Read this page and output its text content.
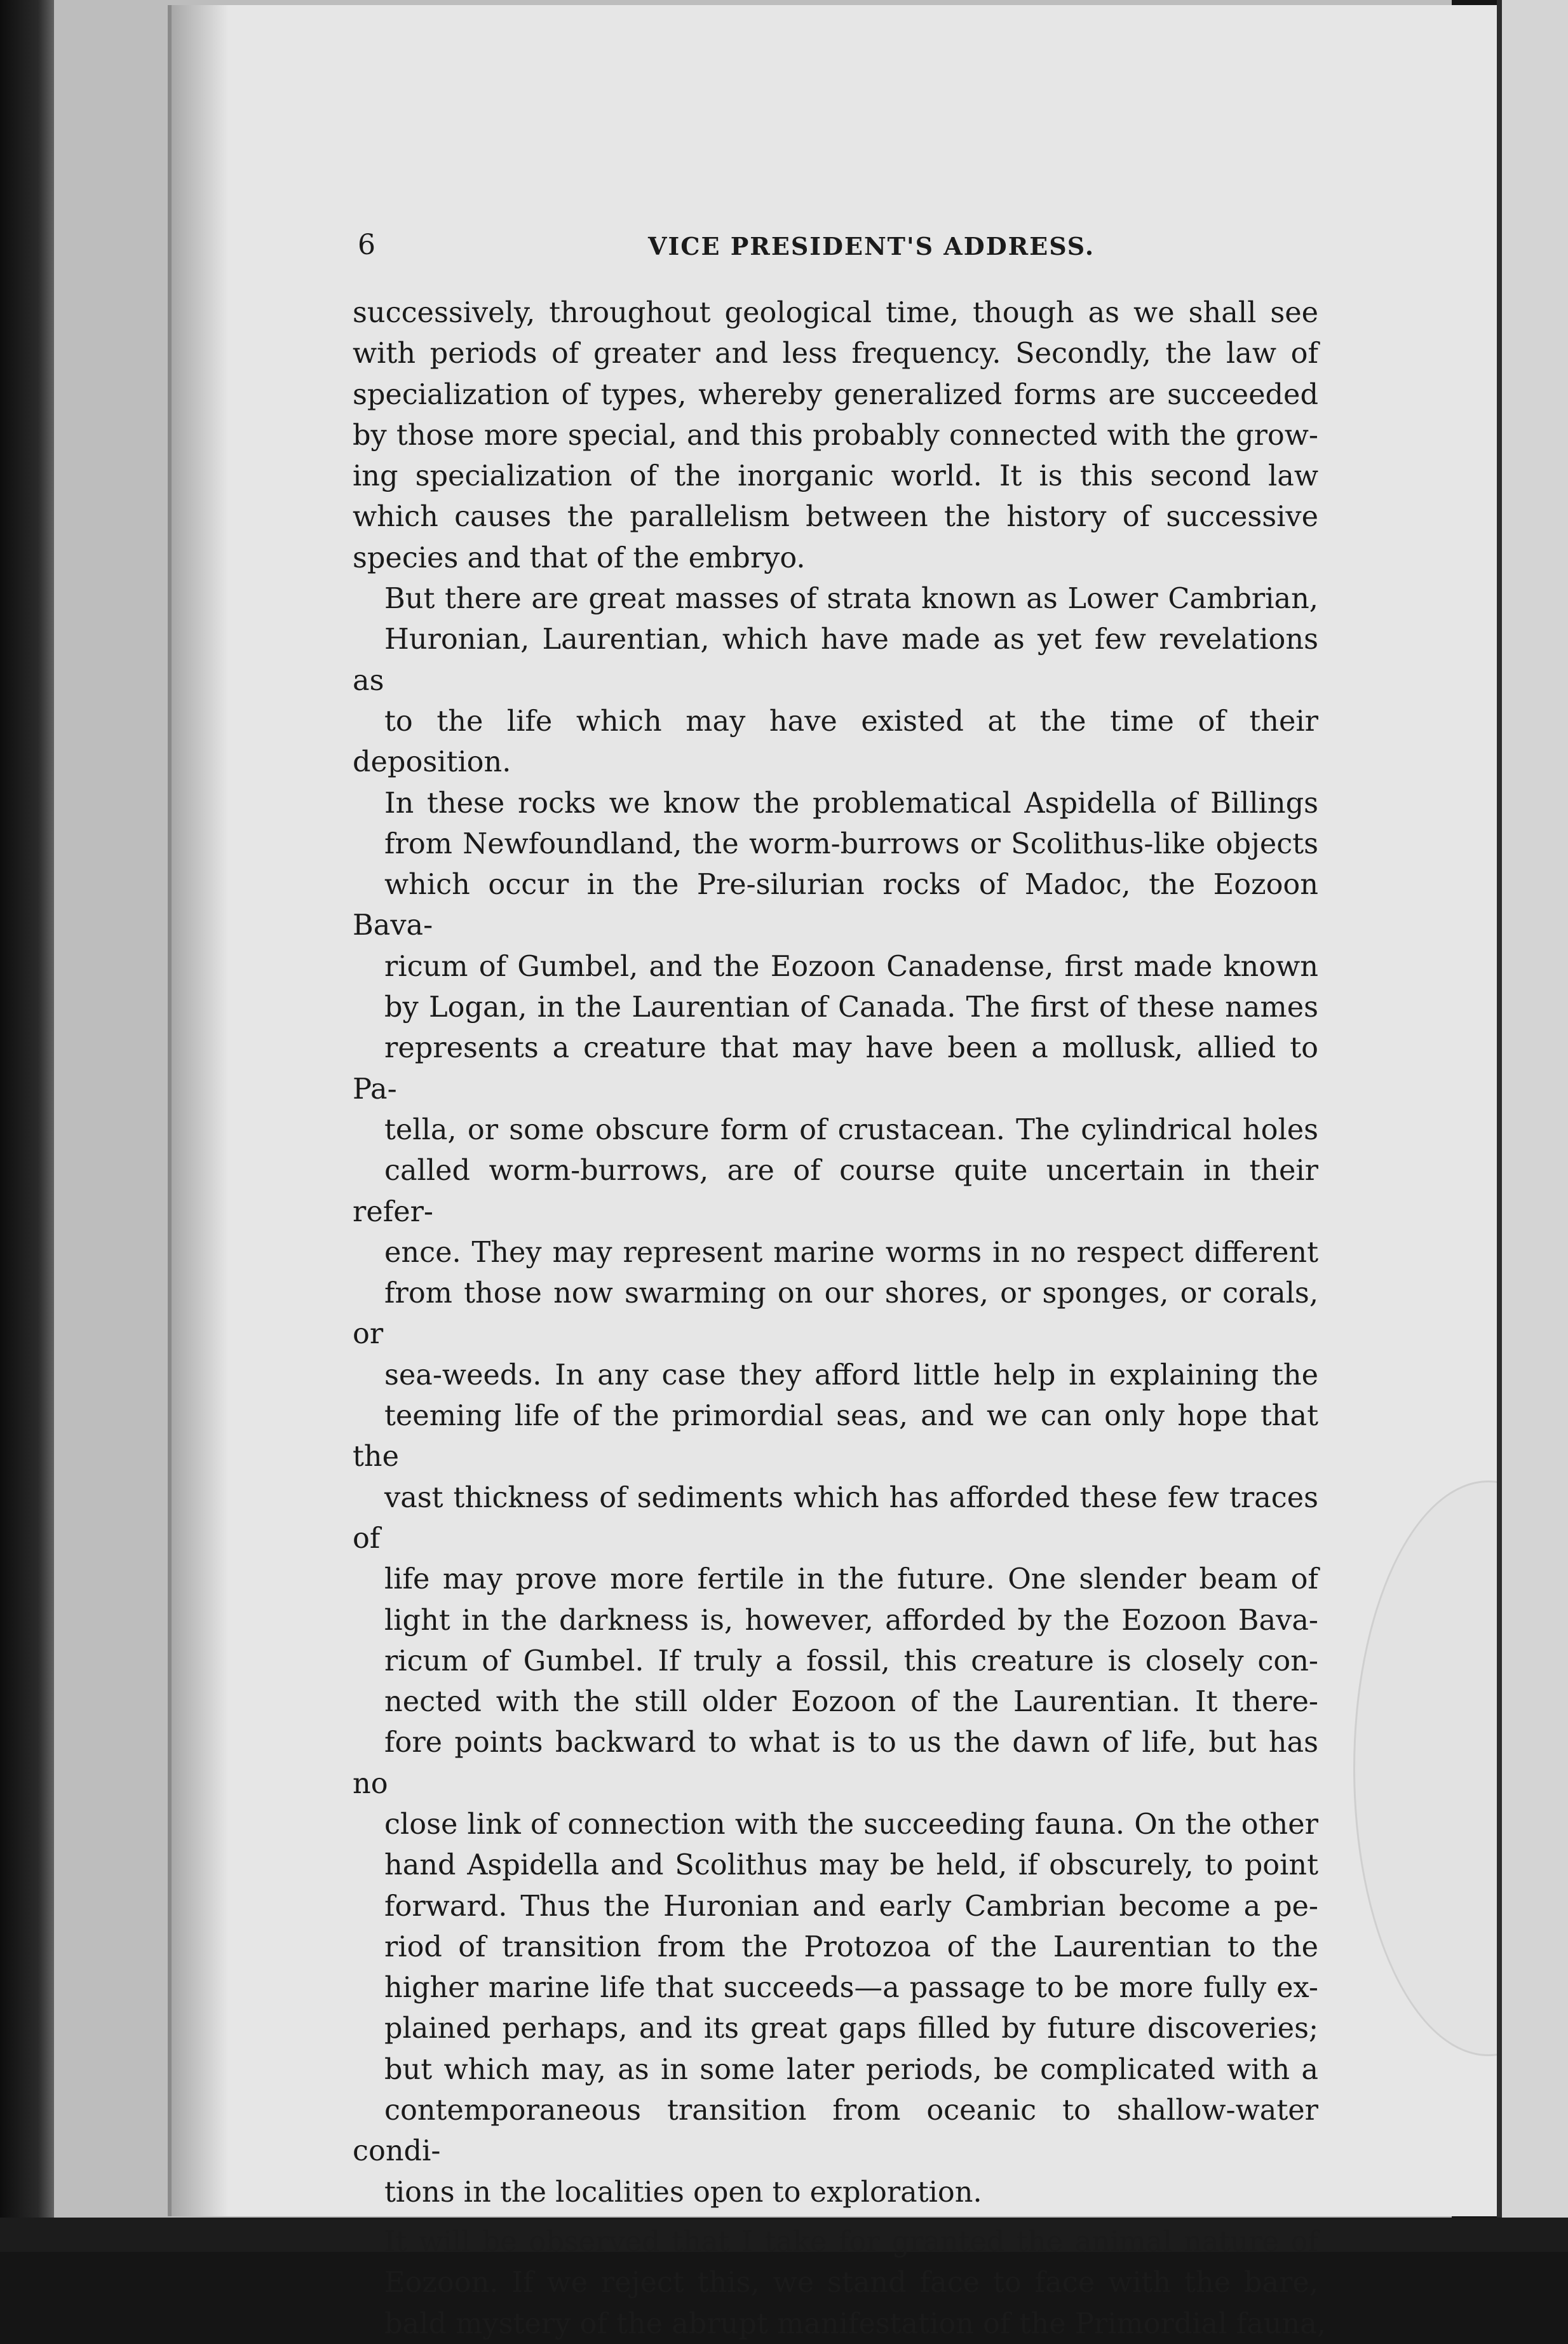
6	VICE PRESIDENT'S ADDRESS.

successively, throughout geological time, though as we shall see
with periods of greater and less frequency. Secondly, the law of
specialization of types, whereby generalized forms are succeeded
by those more special, and this probably connected with the grow-
ing specialization of the inorganic world. It is this second law
which causes the parallelism between the history of successive
species and that of the embryo.

But there are great masses of strata known as Lower Cambrian,
Huronian, Laurentian, which have made as yet few revelations as
to the life which may have existed at the time of their deposition.
In these rocks we know the problematical Aspidella of Billings
from Newfoundland, the worm-burrows or Scolithus-like objects
which occur in the Pre-silurian rocks of Madoc, the Eozoon Bava-
ricum of Gumbel, and the Eozoon Canadense, first made known
by Logan, in the Laurentian of Canada. The first of these names
represents a creature that may have been a mollusk, allied to Pa-
tella, or some obscure form of crustacean. The cylindrical holes
called worm-burrows, are of course quite uncertain in their refer-
ence. They may represent marine worms in no respect different
from those now swarming on our shores, or sponges, or corals, or
sea-weeds. In any case they afford little help in explaining the
teeming life of the primordial seas, and we can only hope that the
vast thickness of sediments which has afforded these few traces of
life may prove more fertile in the future. One slender beam of
light in the darkness is, however, afforded by the Eozoon Bava-
ricum of Gumbel. If truly a fossil, this creature is closely con-
nected with the still older Eozoon of the Laurentian. It there-
fore points backward to what is to us the dawn of life, but has no
close link of connection with the succeeding fauna. On the other
hand Aspidella and Scolithus may be held, if obscurely, to point
forward. Thus the Huronian and early Cambrian become a pe-
riod of transition from the Protozoa of the Laurentian to the
higher marine life that succeeds—a passage to be more fully ex-
plained perhaps, and its great gaps filled by future discoveries;
but which may, as in some later periods, be complicated with a
contemporaneous transition from oceanic to shallow-water condi-
tions in the localities open to exploration.

It will be observed that I take for granted the animal nature of
Eozoon. If we reject this, we stand face to face with the bare,
bald mystery of the abrupt manifestation of the Primordial fauna,
